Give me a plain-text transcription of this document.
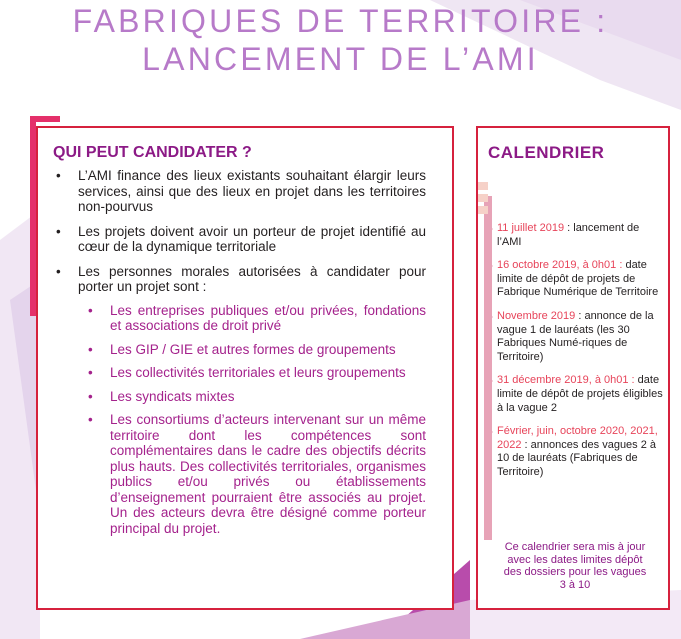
FABRIQUES DE TERRITOIRE :
LANCEMENT DE L’AMI
QUI PEUT CANDIDATER ?
• L’AMI finance des lieux existants souhaitant élargir leurs services, ainsi que des lieux en projet dans les territoires non-pourvus
• Les projets doivent avoir un porteur de projet identifié au cœur de la dynamique territoriale
• Les personnes morales autorisées à candidater pour porter un projet sont :
• Les entreprises publiques et/ou privées, fondations et associations de droit privé
• Les GIP / GIE et autres formes de groupements
• Les collectivités territoriales et leurs groupements
• Les syndicats mixtes
• Les consortiums d’acteurs intervenant sur un même territoire dont les compétences sont complémentaires dans le cadre des objectifs décrits plus hauts. Des collectivités territoriales, organismes publics et/ou privés ou établissements d’enseignement pourraient être associés au projet. Un des acteurs devra être désigné comme porteur principal du projet.
CALENDRIER
11 juillet 2019 : lancement de l’AMI
16 octobre 2019, à 0h01 : date limite de dépôt de projets de Fabrique Numérique de Territoire
Novembre 2019 : annonce de la vague 1 de lauréats (les 30 Fabriques Numé-riques de Territoire)
31 décembre 2019, à 0h01 : date limite de dépôt de projets éligibles à la vague 2
Février, juin, octobre 2020, 2021, 2022 : annonces des vagues 2 à 10 de lauréats (Fabriques de Territoire)
Ce calendrier sera mis à jour avec les dates limites dépôt des dossiers pour les vagues 3 à 10
